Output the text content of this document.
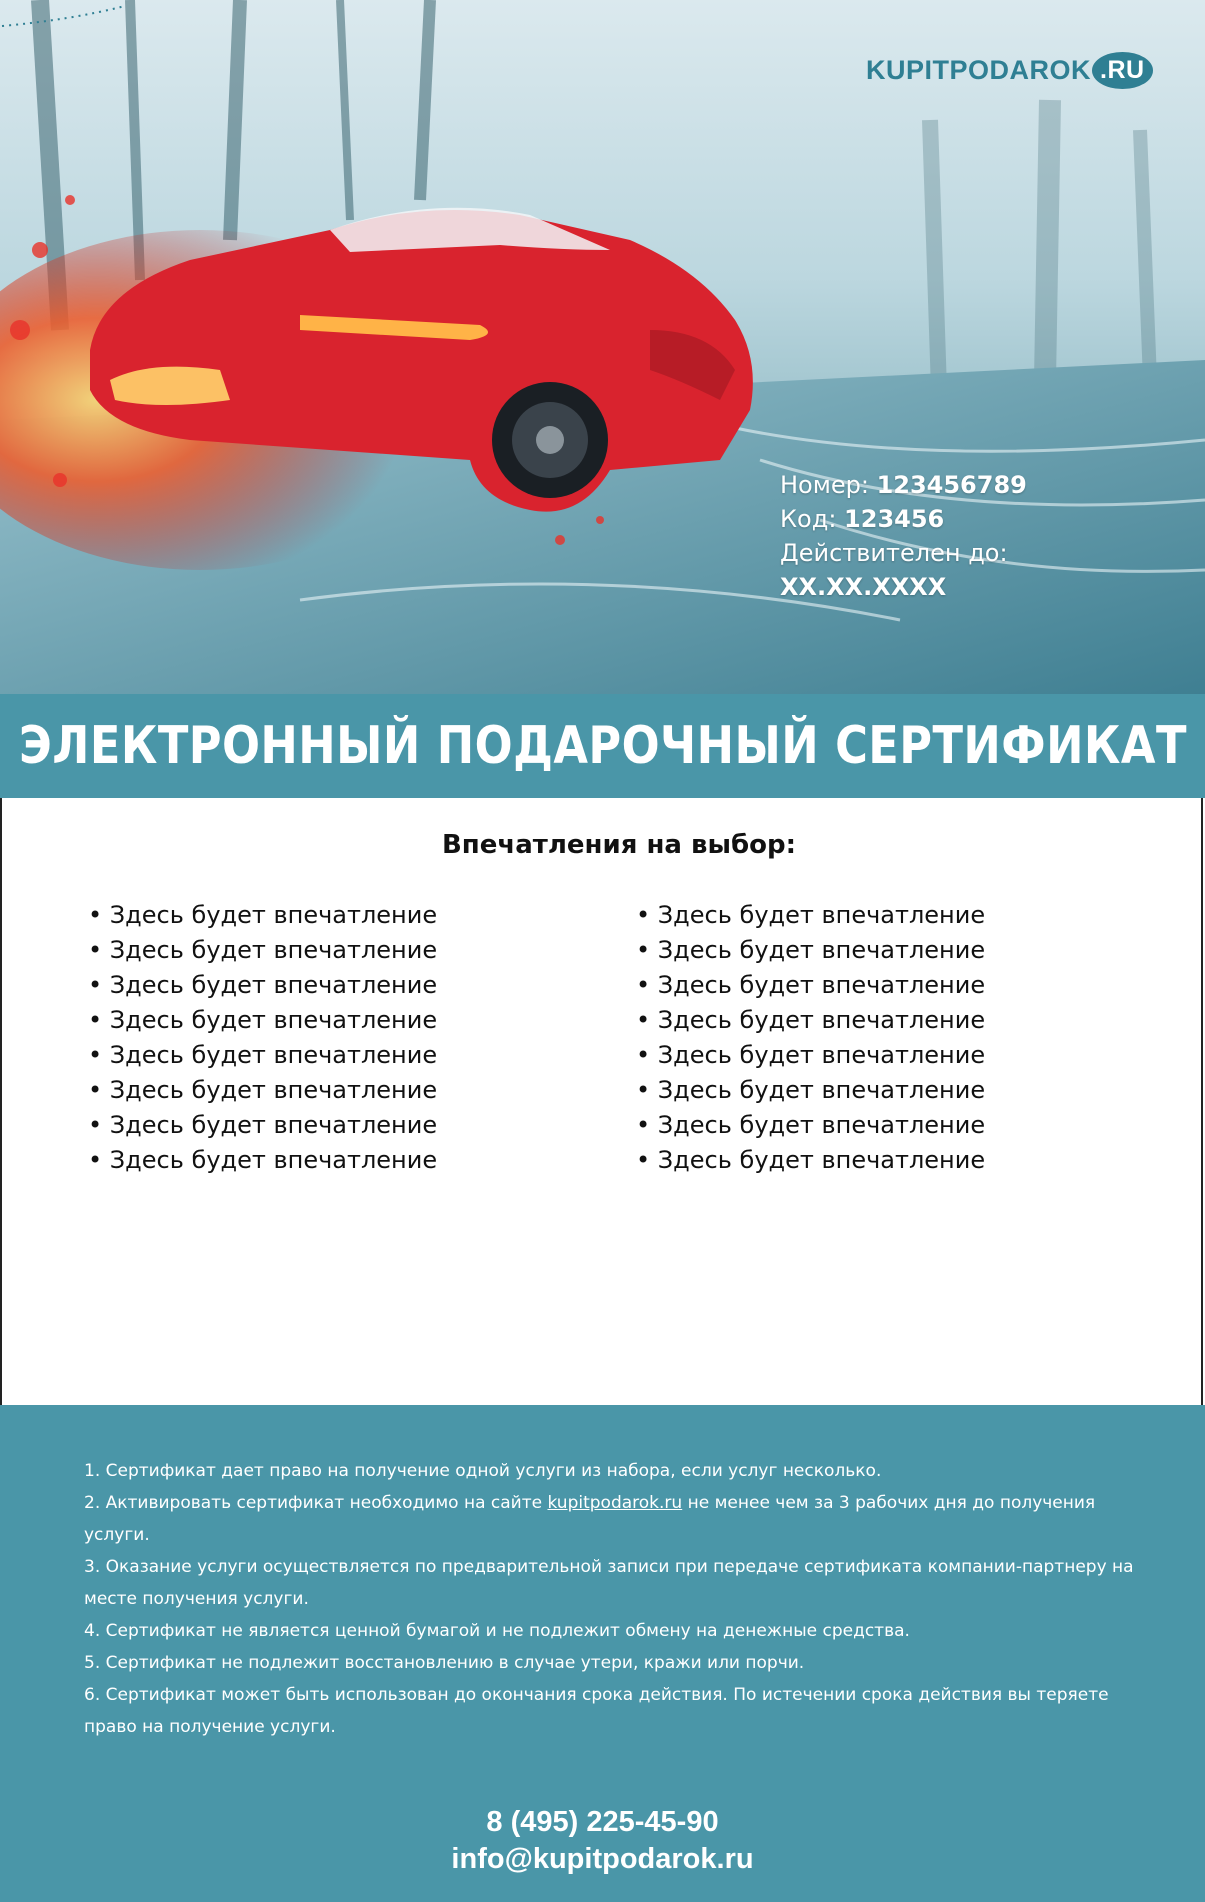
KUPITPODAROK .RU
Номер: 123456789
Код: 123456
Действителен до:
XX.XX.XXXX
ЭЛЕКТРОННЫЙ ПОДАРОЧНЫЙ СЕРТИФИКАТ
Впечатления на выбор:
• Здесь будет впечатление
• Здесь будет впечатление
• Здесь будет впечатление
• Здесь будет впечатление
• Здесь будет впечатление
• Здесь будет впечатление
• Здесь будет впечатление
• Здесь будет впечатление
• Здесь будет впечатление
• Здесь будет впечатление
• Здесь будет впечатление
• Здесь будет впечатление
• Здесь будет впечатление
• Здесь будет впечатление
• Здесь будет впечатление
• Здесь будет впечатление
1. Сертификат дает право на получение одной услуги из набора, если услуг несколько.
2. Активировать сертификат необходимо на сайте kupitpodarok.ru не менее чем за 3 рабочих дня до получения услуги.
3. Оказание услуги осуществляется по предварительной записи при передаче сертификата компании-партнеру на месте получения услуги.
4. Сертификат не является ценной бумагой и не подлежит обмену на денежные средства.
5. Сертификат не подлежит восстановлению в случае утери, кражи или порчи.
6. Сертификат может быть использован до окончания срока действия. По истечении срока действия вы теряете право на получение услуги.
8 (495) 225-45-90
info@kupitpodarok.ru
